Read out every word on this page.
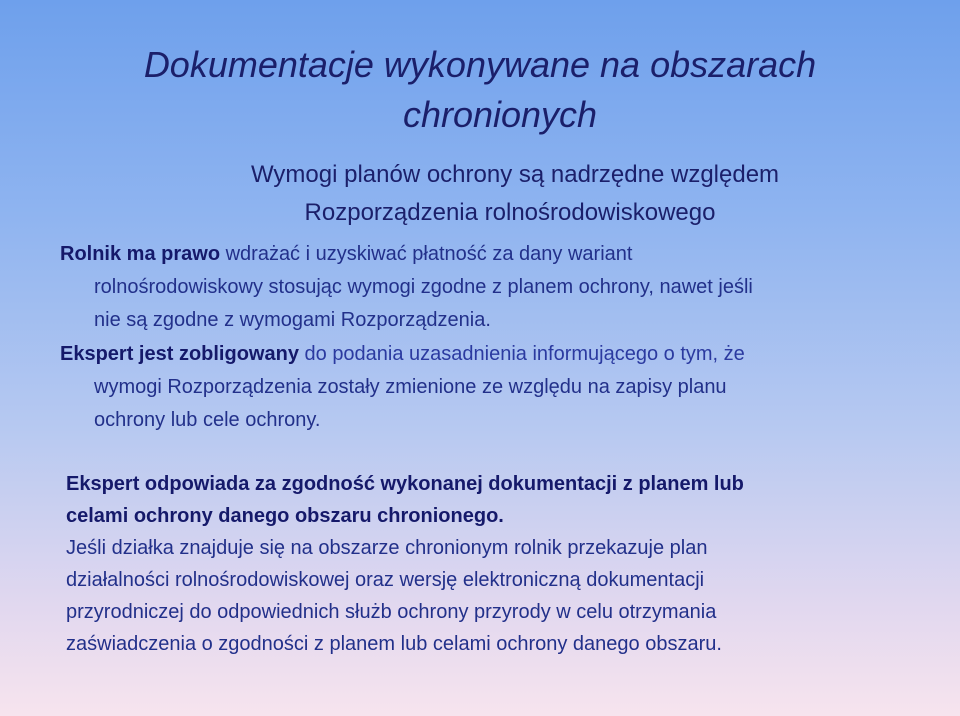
Dokumentacje wykonywane na obszarach
chronionych
Wymogi planów ochrony są nadrzędne względem
Rozporządzenia rolnośrodowiskowego
Rolnik ma prawo wdrażać i uzyskiwać płatność za dany wariant
rolnośrodowiskowy stosując wymogi zgodne z planem ochrony, nawet jeśli
nie są zgodne z wymogami Rozporządzenia.
Ekspert jest zobligowany do podania uzasadnienia informującego o tym, że
wymogi Rozporządzenia zostały zmienione ze względu na zapisy planu
ochrony lub cele ochrony.
Ekspert odpowiada za zgodność wykonanej dokumentacji z planem lub
celami ochrony danego obszaru chronionego.
Jeśli działka znajduje się na obszarze chronionym rolnik przekazuje plan
działalności rolnośrodowiskowej oraz wersję elektroniczną dokumentacji
przyrodniczej do odpowiednich służb ochrony przyrody w celu otrzymania
zaświadczenia o zgodności z planem lub celami ochrony danego obszaru.
